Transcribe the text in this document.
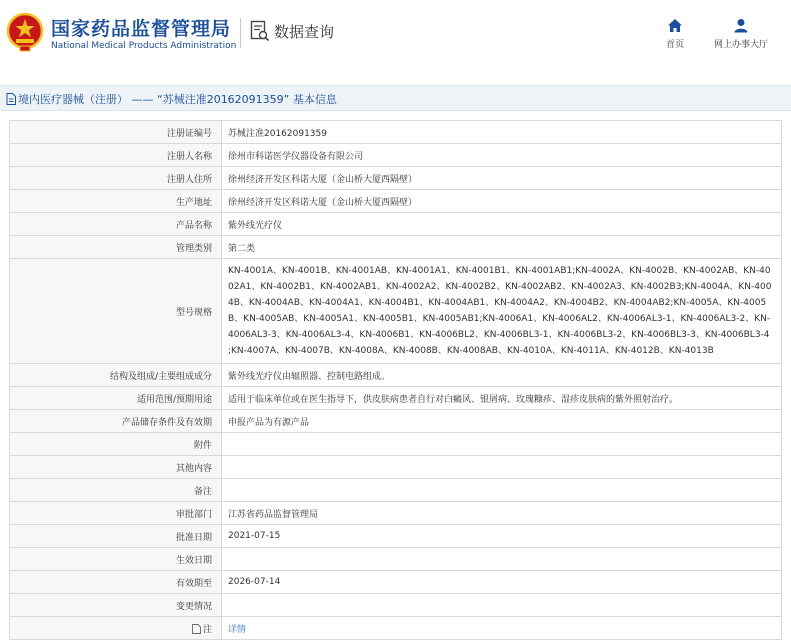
国家药品监督管理局
National Medical Products Administration
数据查询
首页	网上办事大厅
境内医疗器械（注册） —— “苏械注准20162091359” 基本信息
注册证编号	苏械注准20162091359
注册人名称	徐州市科诺医学仪器设备有限公司
注册人住所	徐州经济开发区科诺大厦（金山桥大厦西隔壁）
生产地址	徐州经济开发区科诺大厦（金山桥大厦西隔壁）
产品名称	紫外线光疗仪
管理类别	第二类
型号规格	KN-4001A、KN-4001B、KN-4001AB、KN-4001A1、KN-4001B1、KN-4001AB1;KN-4002A、KN-4002B、KN-4002AB、KN-4002A1、KN-4002B1、KN-4002AB1、KN-4002A2、KN-4002B2、KN-4002AB2、KN-4002A3、KN-4002B3;KN-4004A、KN-4004B、KN-4004AB、KN-4004A1、KN-4004B1、KN-4004AB1、KN-4004A2、KN-4004B2、KN-4004AB2;KN-4005A、KN-4005B、KN-4005AB、KN-4005A1、KN-4005B1、KN-4005AB1;KN-4006A1、KN-4006AL2、KN-4006AL3-1、KN-4006AL3-2、KN-4006AL3-3、KN-4006AL3-4、KN-4006B1、KN-4006BL2、KN-4006BL3-1、KN-4006BL3-2、KN-4006BL3-3、KN-4006BL3-4 ;KN-4007A、KN-4007B、KN-4008A、KN-4008B、KN-4008AB、KN-4010A、KN-4011A、KN-4012B、KN-4013B
结构及组成/主要组成成分	紫外线光疗仪由辐照器、控制电路组成。
适用范围/预期用途	适用于临床单位或在医生指导下，供皮肤病患者自行对白癜风、银屑病、玫瑰糠疹、湿疹皮肤病的紫外照射治疗。
产品储存条件及有效期	申报产品为有源产品
附件	
其他内容	
备注	
审批部门	江苏省药品监督管理局
批准日期	2021-07-15
生效日期	
有效期至	2026-07-14
变更情况	
注	详情
